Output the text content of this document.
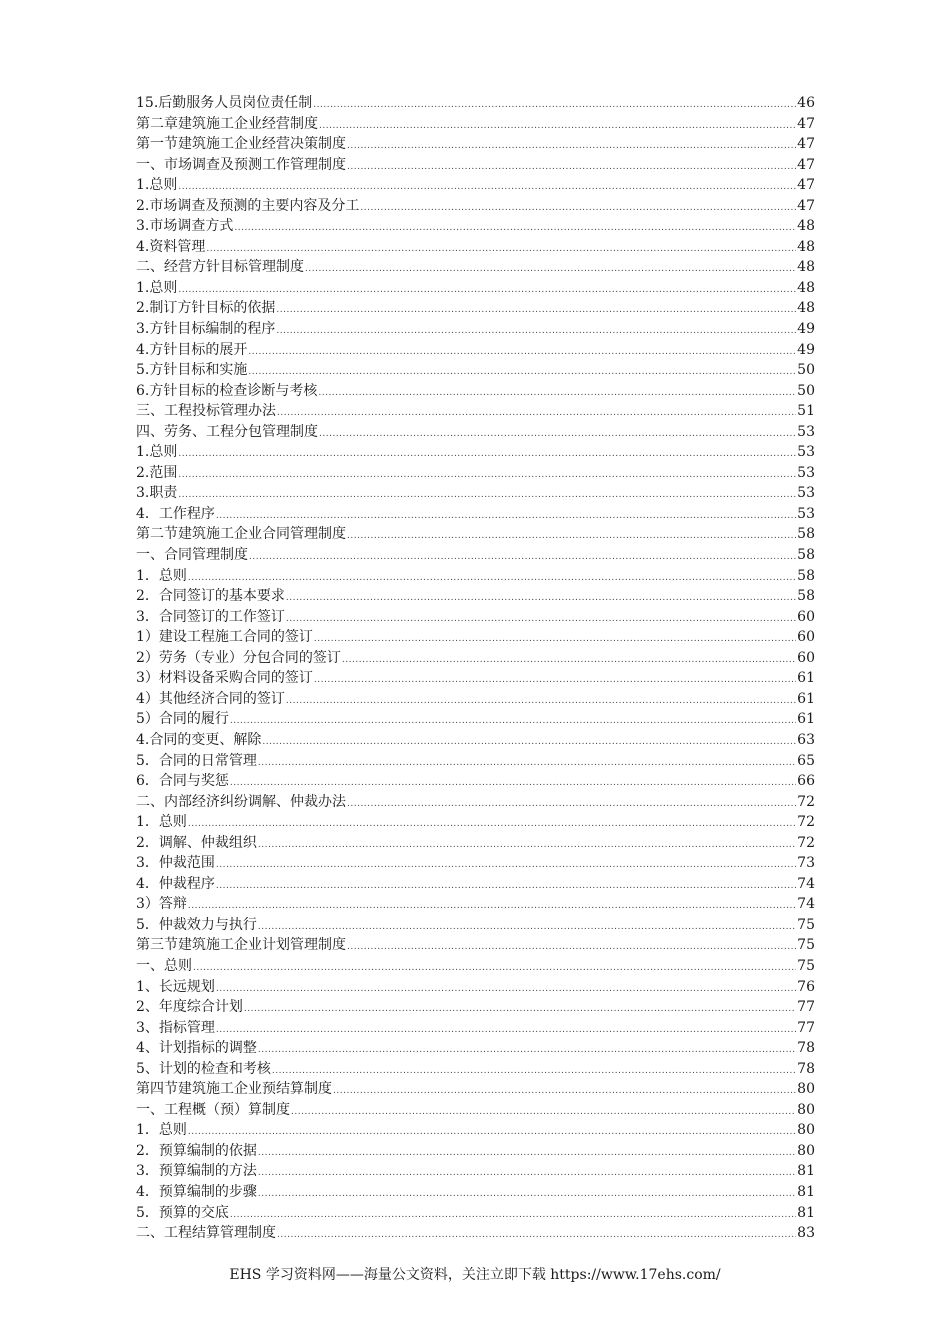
15.后勤服务人员岗位责任制 .....	46
第二章建筑施工企业经营制度 .....	47
第一节建筑施工企业经营决策制度 .....	47
一、市场调查及预测工作管理制度 .....	47
1.总则 .....	47
2.市场调查及预测的主要内容及分工 .....	47
3.市场调查方式 .....	48
4.资料管理 .....	48
二、经营方针目标管理制度 .....	48
1.总则 .....	48
2.制订方针目标的依据 .....	48
3.方针目标编制的程序 .....	49
4.方针目标的展开 .....	49
5.方针目标和实施 .....	50
6.方针目标的检查诊断与考核 .....	50
三、工程投标管理办法 .....	51
四、劳务、工程分包管理制度 .....	53
1.总则 .....	53
2.范围 .....	53
3.职责 .....	53
4．工作程序 .....	53
第二节建筑施工企业合同管理制度 .....	58
一、合同管理制度 .....	58
1．总则 .....	58
2．合同签订的基本要求 .....	58
3．合同签订的工作签订 .....	60
1）建设工程施工合同的签订 .....	60
2）劳务（专业）分包合同的签订 .....	60
3）材料设备采购合同的签订 .....	61
4）其他经济合同的签订 .....	61
5）合同的履行 .....	61
4.合同的变更、解除 .....	63
5．合同的日常管理 .....	65
6．合同与奖惩 .....	66
二、内部经济纠纷调解、仲裁办法 .....	72
1．总则 .....	72
2．调解、仲裁组织 .....	72
3．仲裁范围 .....	73
4．仲裁程序 .....	74
3）答辩 .....	74
5．仲裁效力与执行 .....	75
第三节建筑施工企业计划管理制度 .....	75
一、总则 .....	75
1、长远规划 .....	76
2、年度综合计划 .....	77
3、指标管理 .....	77
4、计划指标的调整 .....	78
5、计划的检查和考核 .....	78
第四节建筑施工企业预结算制度 .....	80
一、工程概（预）算制度 .....	80
1．总则 .....	80
2．预算编制的依据 .....	80
3．预算编制的方法 .....	81
4．预算编制的步骤 .....	81
5．预算的交底 .....	81
二、工程结算管理制度 .....	83
EHS 学习资料网——海量公文资料，关注立即下载 https://www.17ehs.com/
